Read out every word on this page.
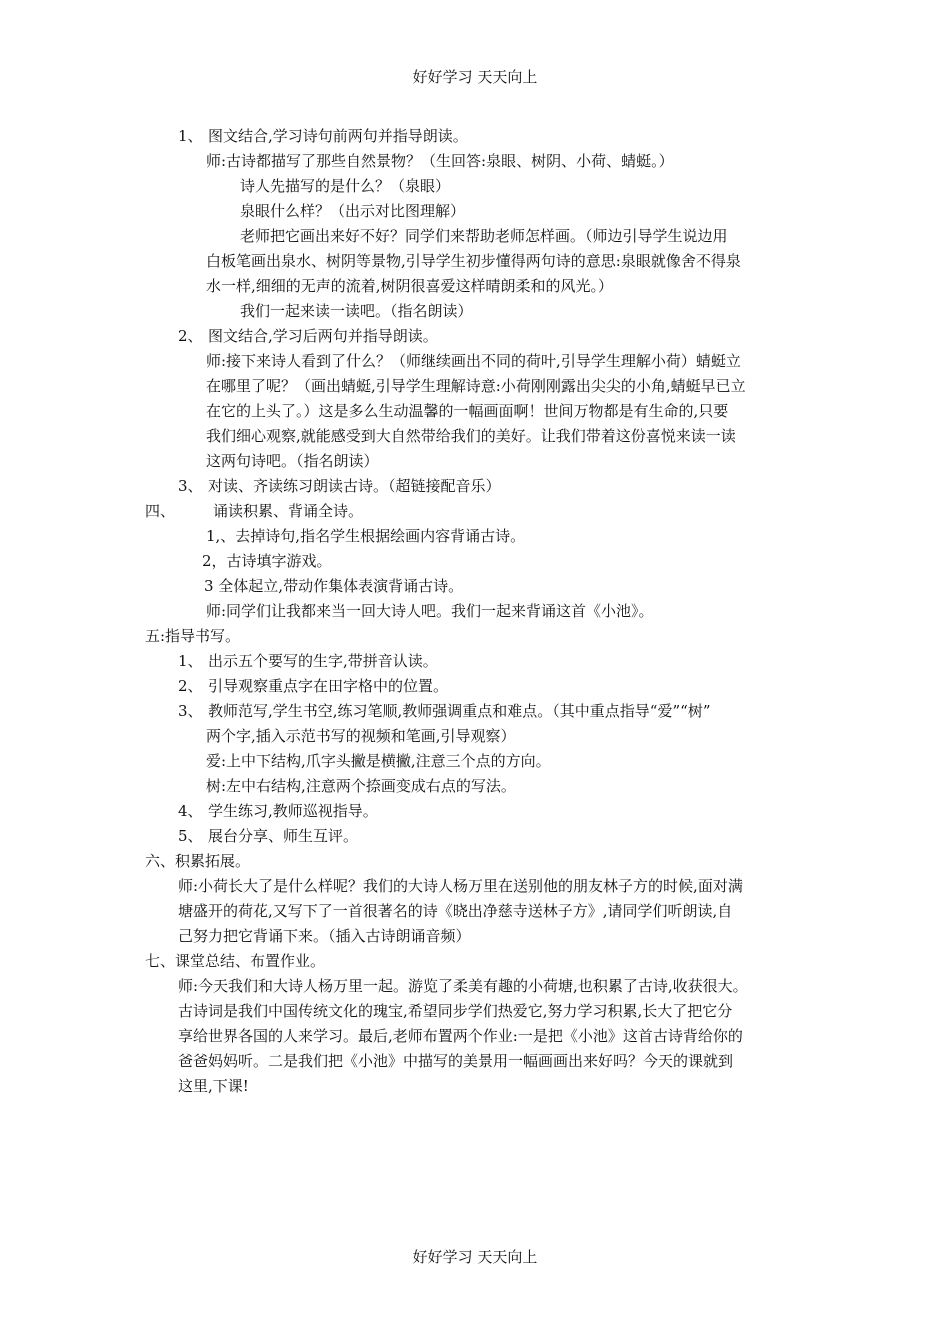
好好学习 天天向上
1、 图文结合,学习诗句前两句并指导朗读。
师:古诗都描写了那些自然景物？（生回答:泉眼、树阴、小荷、蜻蜓。）
诗人先描写的是什么？（泉眼）
泉眼什么样？（出示对比图理解）
老师把它画出来好不好？同学们来帮助老师怎样画。（师边引导学生说边用
白板笔画出泉水、树阴等景物,引导学生初步懂得两句诗的意思:泉眼就像舍不得泉
水一样,细细的无声的流着,树阴很喜爱这样晴朗柔和的风光。）
我们一起来读一读吧。（指名朗读）
2、 图文结合,学习后两句并指导朗读。
师:接下来诗人看到了什么？（师继续画出不同的荷叶,引导学生理解小荷）蜻蜓立
在哪里了呢？（画出蜻蜓,引导学生理解诗意:小荷刚刚露出尖尖的小角,蜻蜓早已立
在它的上头了。）这是多么生动温馨的一幅画面啊！世间万物都是有生命的,只要
我们细心观察,就能感受到大自然带给我们的美好。让我们带着这份喜悦来读一读
这两句诗吧。（指名朗读）
3、 对读、齐读练习朗读古诗。（超链接配音乐）
四、	诵读积累、背诵全诗。
1,、去掉诗句,指名学生根据绘画内容背诵古诗。
2，古诗填字游戏。
3 全体起立,带动作集体表演背诵古诗。
师:同学们让我都来当一回大诗人吧。我们一起来背诵这首《小池》。
五:指导书写。
1、 出示五个要写的生字,带拼音认读。
2、 引导观察重点字在田字格中的位置。
3、 教师范写,学生书空,练习笔顺,教师强调重点和难点。（其中重点指导“爱”“树”
两个字,插入示范书写的视频和笔画,引导观察）
爱:上中下结构,爪字头撇是横撇,注意三个点的方向。
树:左中右结构,注意两个捺画变成右点的写法。
4、 学生练习,教师巡视指导。
5、 展台分享、师生互评。
六、积累拓展。
师:小荷长大了是什么样呢？我们的大诗人杨万里在送别他的朋友林子方的时候,面对满
塘盛开的荷花,又写下了一首很著名的诗《晓出净慈寺送林子方》,请同学们听朗读,自
己努力把它背诵下来。（插入古诗朗诵音频）
七、课堂总结、布置作业。
师:今天我们和大诗人杨万里一起。游览了柔美有趣的小荷塘,也积累了古诗,收获很大。
古诗词是我们中国传统文化的瑰宝,希望同步学们热爱它,努力学习积累,长大了把它分
享给世界各国的人来学习。最后,老师布置两个作业:一是把《小池》这首古诗背给你的
爸爸妈妈听。二是我们把《小池》中描写的美景用一幅画画出来好吗？今天的课就到
这里,下课!
好好学习 天天向上
